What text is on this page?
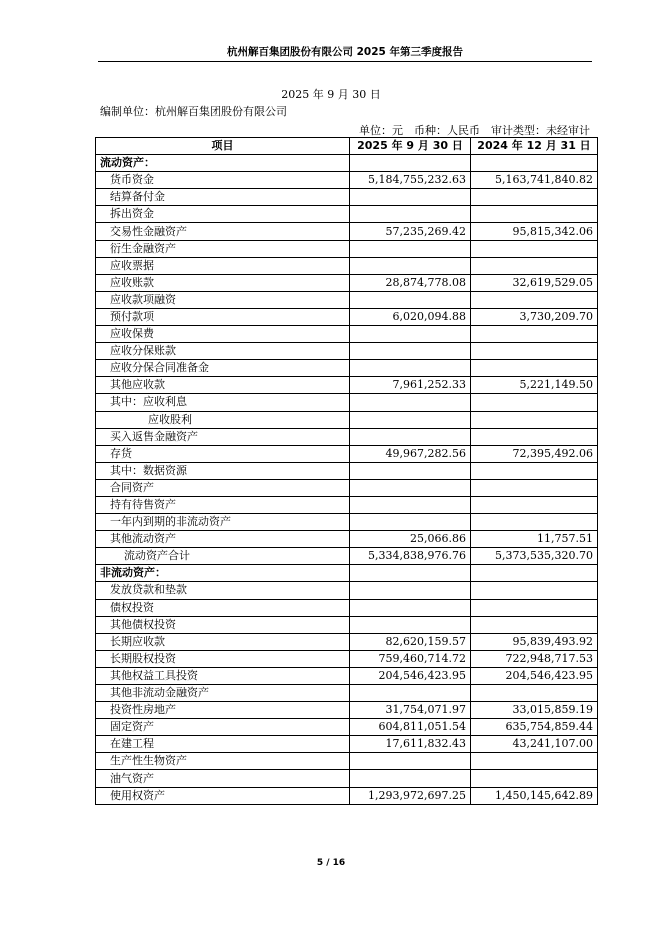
杭州解百集团股份有限公司 2025 年第三季度报告
2025 年 9 月 30 日
编制单位：杭州解百集团股份有限公司
单位：元　币种：人民币　审计类型：未经审计
项目	2025 年 9 月 30 日	2024 年 12 月 31 日
流动资产：		
货币资金	5,184,755,232.63	5,163,741,840.82
结算备付金		
拆出资金		
交易性金融资产	57,235,269.42	95,815,342.06
衍生金融资产		
应收票据		
应收账款	28,874,778.08	32,619,529.05
应收款项融资		
预付款项	6,020,094.88	3,730,209.70
应收保费		
应收分保账款		
应收分保合同准备金		
其他应收款	7,961,252.33	5,221,149.50
其中：应收利息		
应收股利		
买入返售金融资产		
存货	49,967,282.56	72,395,492.06
其中：数据资源		
合同资产		
持有待售资产		
一年内到期的非流动资产		
其他流动资产	25,066.86	11,757.51
流动资产合计	5,334,838,976.76	5,373,535,320.70
非流动资产：		
发放贷款和垫款		
债权投资		
其他债权投资		
长期应收款	82,620,159.57	95,839,493.92
长期股权投资	759,460,714.72	722,948,717.53
其他权益工具投资	204,546,423.95	204,546,423.95
其他非流动金融资产		
投资性房地产	31,754,071.97	33,015,859.19
固定资产	604,811,051.54	635,754,859.44
在建工程	17,611,832.43	43,241,107.00
生产性生物资产		
油气资产		
使用权资产	1,293,972,697.25	1,450,145,642.89
5 / 16
